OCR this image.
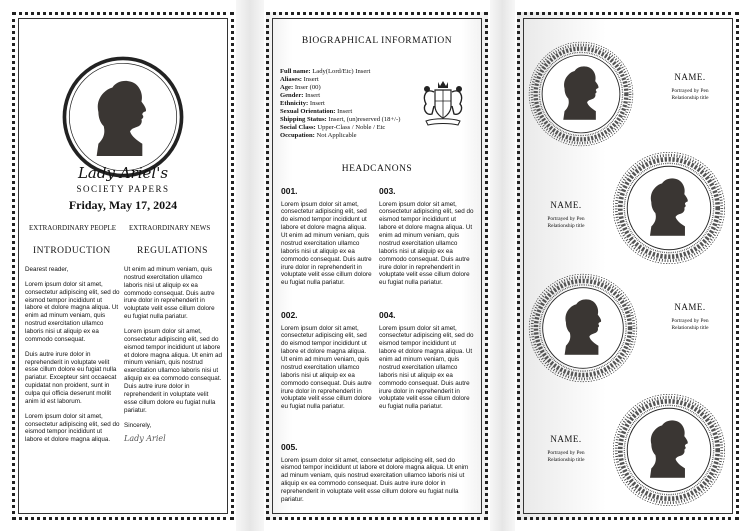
Lady Ariel's
SOCIETY PAPERS
Friday, May 17, 2024
EXTRAORDINARY PEOPLE EXTRAORDINARY NEWS
INTRODUCTION	REGULATIONS

Dearest reader,

Lorem ipsum dolor sit amet, consectetur adipiscing elit, sed do eismod tempor incididunt ut labore et dolore magna aliqua. Ut enim ad minum veniam, quis nostrud exercitation ullamco laboris nisi ut aliquip ex ea commodo consequat.

Duis autre irure dolor in reprehenderit in voluptate velit esse cillum dolore eu fugiat nulla pariatur. Excepteur sint occaecat cupidatat non proident, sunt in culpa qui officia deserunt mollit anim id est laborum.

Lorem ipsum dolor sit amet, consectetur adipiscing elit, sed do eismod tempor incididunt ut labore et dolore magna aliqua.

Ut enim ad minum veniam, quis nostrud exercitation ullamco laboris nisi ut aliquip ex ea commodo consequat. Duis autre irure dolor in reprehenderit in voluptate velit esse cillum dolore eu fugiat nulla pariatur.

Lorem ipsum dolor sit amet, consectetur adipiscing elit, sed do eismod tempor incididunt ut labore et dolore magna aliqua. Ut enim ad minum veniam, quis nostrud exercitation ullamco laboris nisi ut aliquip ex ea commodo consequat. Duis autre irure dolor in reprehenderit in voluptate velit esse cillum dolore eu fugiat nulla pariatur.

Sincerely,

Lady Ariel
BIOGRAPHICAL INFORMATION
Full name: Lady(Lord/Etc) Insert
Aliases: Insert
Age: Inser (00)
Gender: Insert
Ethnicity: Insert
Sexual Orientation: Insert
Shipping Status: Insert, (un)reserved (18+/-)
Social Class: Upper-Class / Noble / Etc
Occupation: Not Applicable
HEADCANONS
001.
Lorem ipsum dolor sit amet, consectetur adipiscing elit, sed do eismod tempor incididunt ut labore et dolore magna aliqua. Ut enim ad minum veniam, quis nostrud exercitation ullamco laboris nisi ut aliquip ex ea commodo consequat. Duis autre irure dolor in reprehenderit in voluptate velit esse cillum dolore eu fugiat nulla pariatur.
003.
Lorem ipsum dolor sit amet, consectetur adipiscing elit, sed do eismod tempor incididunt ut labore et dolore magna aliqua. Ut enim ad minum veniam, quis nostrud exercitation ullamco laboris nisi ut aliquip ex ea commodo consequat. Duis autre irure dolor in reprehenderit in voluptate velit esse cillum dolore eu fugiat nulla pariatur.
002.
Lorem ipsum dolor sit amet, consectetur adipiscing elit, sed do eismod tempor incididunt ut labore et dolore magna aliqua. Ut enim ad minum veniam, quis nostrud exercitation ullamco laboris nisi ut aliquip ex ea commodo consequat. Duis autre irure dolor in reprehenderit in voluptate velit esse cillum dolore eu fugiat nulla pariatur.
004.
Lorem ipsum dolor sit amet, consectetur adipiscing elit, sed do eismod tempor incididunt ut labore et dolore magna aliqua. Ut enim ad minum veniam, quis nostrud exercitation ullamco laboris nisi ut aliquip ex ea commodo consequat. Duis autre irure dolor in reprehenderit in voluptate velit esse cillum dolore eu fugiat nulla pariatur.
005.
Lorem ipsum dolor sit amet, consectetur adipiscing elit, sed do eismod tempor incididunt ut labore et dolore magna aliqua. Ut enim ad minum veniam, quis nostrud exercitation ullamco laboris nisi ut aliquip ex ea commodo consequat. Duis autre irure dolor in reprehenderit in voluptate velit esse cillum dolore eu fugiat nulla pariatur.
NAME.
Portrayed by Pen
Relationship title
NAME.
Portrayed by Pen
Relationship title
NAME.
Portrayed by Pen
Relationship title
NAME.
Portrayed by Pen
Relationship title
